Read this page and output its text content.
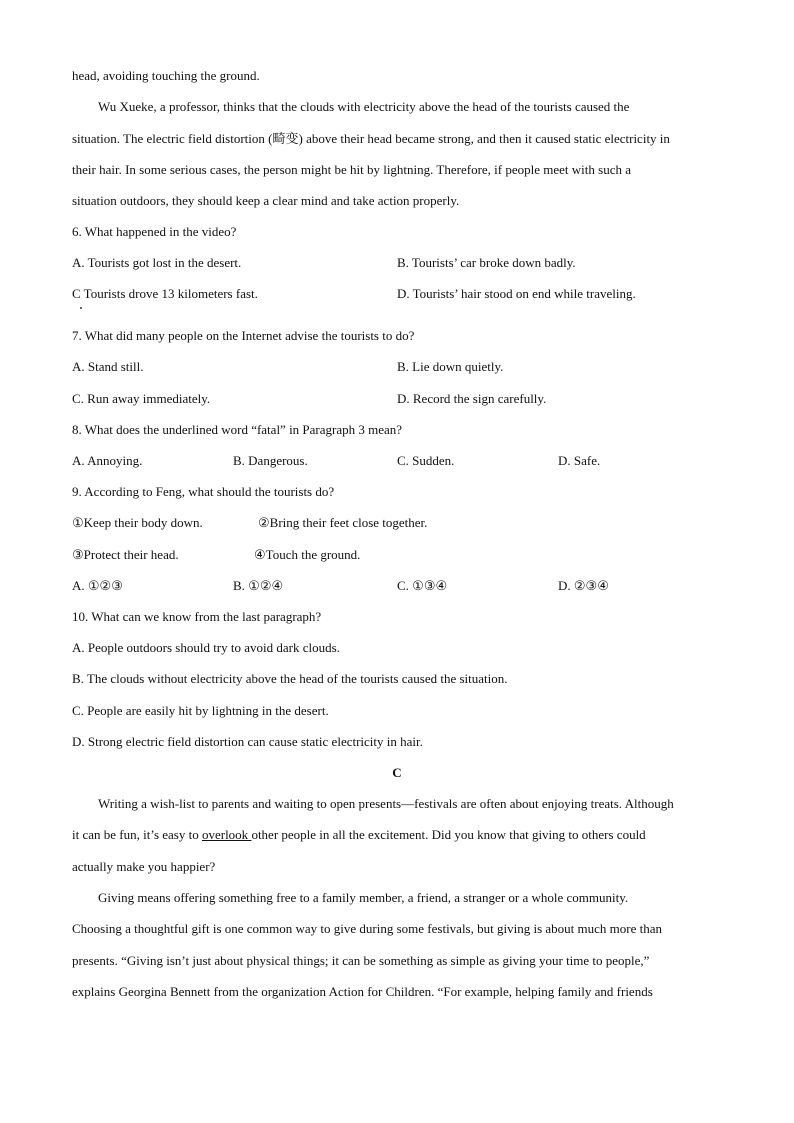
head, avoiding touching the ground.
Wu Xueke, a professor, thinks that the clouds with electricity above the head of the tourists caused the
situation. The electric field distortion (畸变) above their head became strong, and then it caused static electricity in
their hair. In some serious cases, the person might be hit by lightning. Therefore, if people meet with such a
situation outdoors, they should keep a clear mind and take action properly.
6. What happened in the video?
A. Tourists got lost in the desert.	B. Tourists’ car broke down badly.
C Tourists drove 13 kilometers fast.	D. Tourists’ hair stood on end while traveling.
7. What did many people on the Internet advise the tourists to do?
A. Stand still.	B. Lie down quietly.
C. Run away immediately.	D. Record the sign carefully.
8. What does the underlined word “fatal” in Paragraph 3 mean?
A. Annoying.	B. Dangerous.	C. Sudden.	D. Safe.
9. According to Feng, what should the tourists do?
①Keep their body down.	②Bring their feet close together.
③Protect their head.	④Touch the ground.
A. ①②③	B. ①②④	C. ①③④	D. ②③④
10. What can we know from the last paragraph?
A. People outdoors should try to avoid dark clouds.
B. The clouds without electricity above the head of the tourists caused the situation.
C. People are easily hit by lightning in the desert.
D. Strong electric field distortion can cause static electricity in hair.
C
Writing a wish-list to parents and waiting to open presents—festivals are often about enjoying treats. Although
it can be fun, it’s easy to overlook other people in all the excitement. Did you know that giving to others could
actually make you happier?
Giving means offering something free to a family member, a friend, a stranger or a whole community.
Choosing a thoughtful gift is one common way to give during some festivals, but giving is about much more than
presents. “Giving isn’t just about physical things; it can be something as simple as giving your time to people,”
explains Georgina Bennett from the organization Action for Children. “For example, helping family and friends
